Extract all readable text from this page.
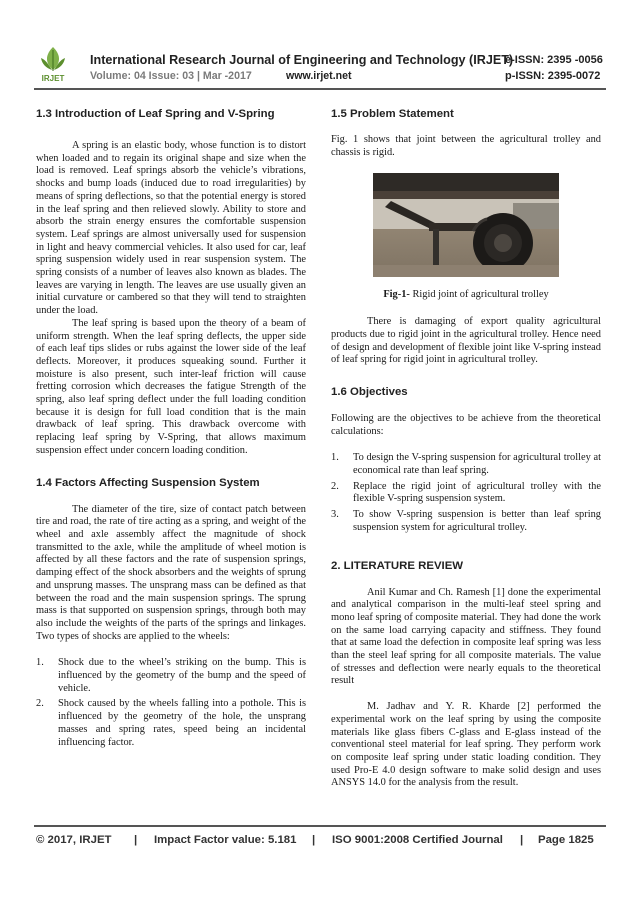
IRJET
International Research Journal of Engineering and Technology (IRJET)
e-ISSN: 2395 -0056
Volume: 04 Issue: 03 | Mar -2017	www.irjet.net	p-ISSN: 2395-0072
1.3 Introduction of Leaf Spring and V-Spring

A spring is an elastic body, whose function is to distort when loaded and to regain its original shape and size when the load is removed. Leaf springs absorb the vehicle’s vibrations, shocks and bump loads (induced due to road irregularities) by means of spring deflections, so that the potential energy is stored in the leaf spring and then relieved slowly. Ability to store and absorb the strain energy ensures the comfortable suspension system. Leaf springs are almost universally used for suspension in light and heavy commercial vehicles. It also used for car, leaf spring suspension widely used in rear suspension system. The spring consists of a number of leaves also known as blades. The leaves are varying in length. The leaves are use usually given an initial curvature or cambered so that they will tend to straighten under the load.

The leaf spring is based upon the theory of a beam of uniform strength. When the leaf spring deflects, the upper side of each leaf tips slides or rubs against the lower side of the leaf deflects. Moreover, it produces squeaking sound. Further it moisture is also present, such inter-leaf friction will cause fretting corrosion which decreases the fatigue Strength of the spring, also leaf spring deflect under the full loading condition because it is design for full load condition that is the main drawback of leaf spring. This drawback overcome with replacing leaf spring by V-Spring, that allows maximum suspension effect under concern loading condition.

1.4 Factors Affecting Suspension System

The diameter of the tire, size of contact patch between tire and road, the rate of tire acting as a spring, and weight of the wheel and axle assembly affect the magnitude of shock transmitted to the axle, while the amplitude of wheel motion is affected by all these factors and the rate of suspension springs, damping effect of the shock absorbers and the weights of sprung and unsprung masses. The unsprang mass can be defined as that between the road and the main suspension springs. The sprung mass is that supported on suspension springs, through both may also include the weights of the parts of the springs and linkages. Two types of shocks are applied to the wheels:

1. Shock due to the wheel’s striking on the bump. This is influenced by the geometry of the bump and the speed of vehicle.
2. Shock caused by the wheels falling into a pothole. This is influenced by the geometry of the hole, the unsprang masses and spring rates, speed being an incidental influencing factor.
1.5 Problem Statement

Fig. 1 shows that joint between the agricultural trolley and chassis is rigid.

Fig-1- Rigid joint of agricultural trolley

There is damaging of export quality agricultural products due to rigid joint in the agricultural trolley. Hence need of design and development of flexible joint like V-spring instead of leaf spring for rigid joint in agricultural trolley.

1.6 Objectives

Following are the objectives to be achieve from the theoretical calculations:

1. To design the V-spring suspension for agricultural trolley at economical rate than leaf spring.
2. Replace the rigid joint of agricultural trolley with the flexible V-spring suspension system.
3. To show V-spring suspension is better than leaf spring suspension system for agricultural trolley.
2. LITERATURE REVIEW

Anil Kumar and Ch. Ramesh [1] done the experimental and analytical comparison in the multi-leaf steel spring and mono leaf spring of composite material. They had done the work on the same load carrying capacity and stiffness. They found that at same load the defection in composite leaf spring was less than the steel leaf spring for all composite materials. The value of stresses and deflection were nearly equals to the theoretical result

M. Jadhav and Y. R. Kharde [2] performed the experimental work on the leaf spring by using the composite materials like glass fibers C-glass and E-glass instead of the conventional steel material for leaf spring. They perform work on composite leaf spring under static loading condition. They used Pro-E 4.0 design software to make solid design and uses ANSYS 14.0 for the analysis from the result.

© 2017, IRJET | Impact Factor value: 5.181 | ISO 9001:2008 Certified Journal | Page 1825
